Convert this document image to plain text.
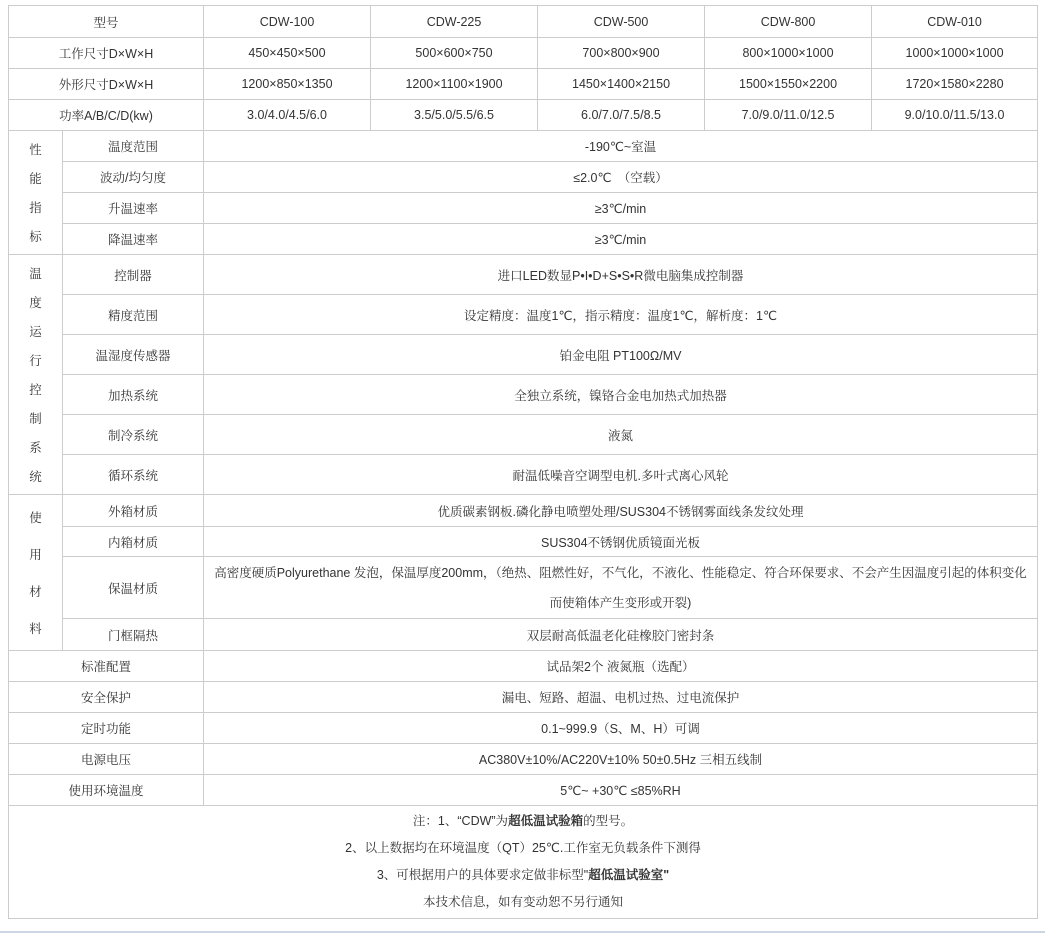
型号		CDW-100	CDW-225	CDW-500	CDW-800	CDW-010
工作尺寸D×W×H		450×450×500	500×600×750	700×800×900	800×1000×1000	1000×1000×1000
外形尺寸D×W×H		1200×850×1350	1200×1100×1900	1450×1400×2150	1500×1550×2200	1720×1580×2280
功率A/B/C/D(kw)		3.0/4.0/4.5/6.0	3.5/5.0/5.5/6.5	6.0/7.0/7.5/8.5	7.0/9.0/11.0/12.5	9.0/10.0/11.5/13.0

性
能
指
标	温度范围	-190℃~室温				
	波动/均匀度	≤2.0℃　（空载）				
	升温速率	≥3℃/min				
	降温速率	≥3℃/min				

温
度
运
行
控
制
系
统
	控制器	进口LED数显P•I•D+S•S•R微电脑集成控制器
	精度范围	设定精度：温度1℃，指示精度：温度1℃，解析度：1℃				
	温湿度传感器	铂金电阻 PT100Ω/MV				
	加热系统	全独立系统，镍铬合金电加热式加热器				
	制冷系统	液氮				
	循环系统	耐温低噪音空调型电机.多叶式离心风轮				

使
用
材
料	外箱材质	优质碳素钢板.磷化静电喷塑处理/SUS304不锈钢雾面线条发纹处理				
	内箱材质	SUS304不锈钢优质镜面光板				
	保温材质	高密度硬质Polyurethane 发泡，保温厚度200mm，（绝热、阻燃性好，不气化，不液化、性能稳定、符合环保要求、不会产生因温度引起的体积变化而使箱体产生变形或开裂)				
	门框隔热	双层耐高低温老化硅橡胶门密封条				
标准配置		试品架2个 液氮瓶（选配）				
安全保护		漏电、短路、超温、电机过热、过电流保护				
定时功能		0.1~999.9（S、M、H）可调				
电源电压		AC380V±10%/AC220V±10% 50±0.5Hz 三相五线制				
使用环境温度		5℃~ +30℃ ≤85%RH				

注：1、“CDW”为超低温试验箱的型号。
2、以上数据均在环境温度（QT）25℃.工作室无负载条件下测得
3、可根据用户的具体要求定做非标型"超低温试验室"
本技术信息，如有变动恕不另行通知						
